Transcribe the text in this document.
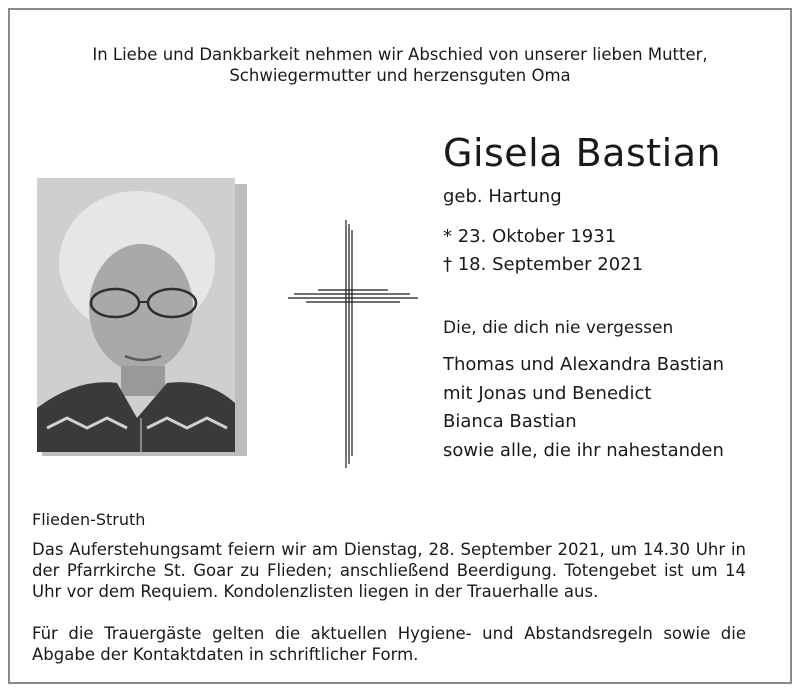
In Liebe und Dankbarkeit nehmen wir Abschied von unserer lieben Mutter,
Schwiegermutter und herzensguten Oma
Gisela Bastian
geb. Hartung
* 23. Oktober 1931
† 18. September 2021
Die, die dich nie vergessen
Thomas und Alexandra Bastian
mit Jonas und Benedict
Bianca Bastian
sowie alle, die ihr nahestanden
Flieden-Struth
Das Auferstehungsamt feiern wir am Dienstag, 28. September 2021, um 14.30 Uhr in der Pfarrkirche St. Goar zu Flieden; anschließend Beerdigung. Totengebet ist um 14 Uhr vor dem Requiem. Kondolenzlisten liegen in der Trauerhalle aus.
Für die Trauergäste gelten die aktuellen Hygiene- und Abstandsregeln sowie die Abgabe der Kontaktdaten in schriftlicher Form.
